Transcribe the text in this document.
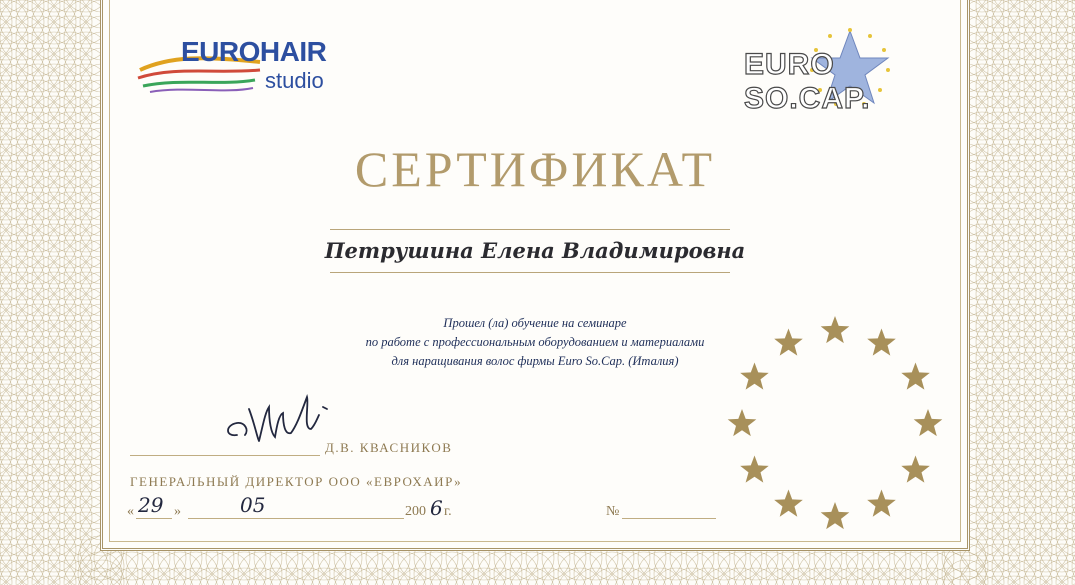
EUROHAIR
studio	EURO SO.CAP.
СЕРТИФИКАТ
Петрушина Елена Владимировна
Прошел (ла) обучение на семинаре
по работе с профессиональным оборудованием и материалами
для наращивания волос фирмы Euro So.Cap. (Италия)
Д.В. КВАСНИКОВ
ГЕНЕРАЛЬНЫЙ ДИРЕКТОР ООО «ЕВРОХАИР»
« 29 »	05	200 6 г.	№
